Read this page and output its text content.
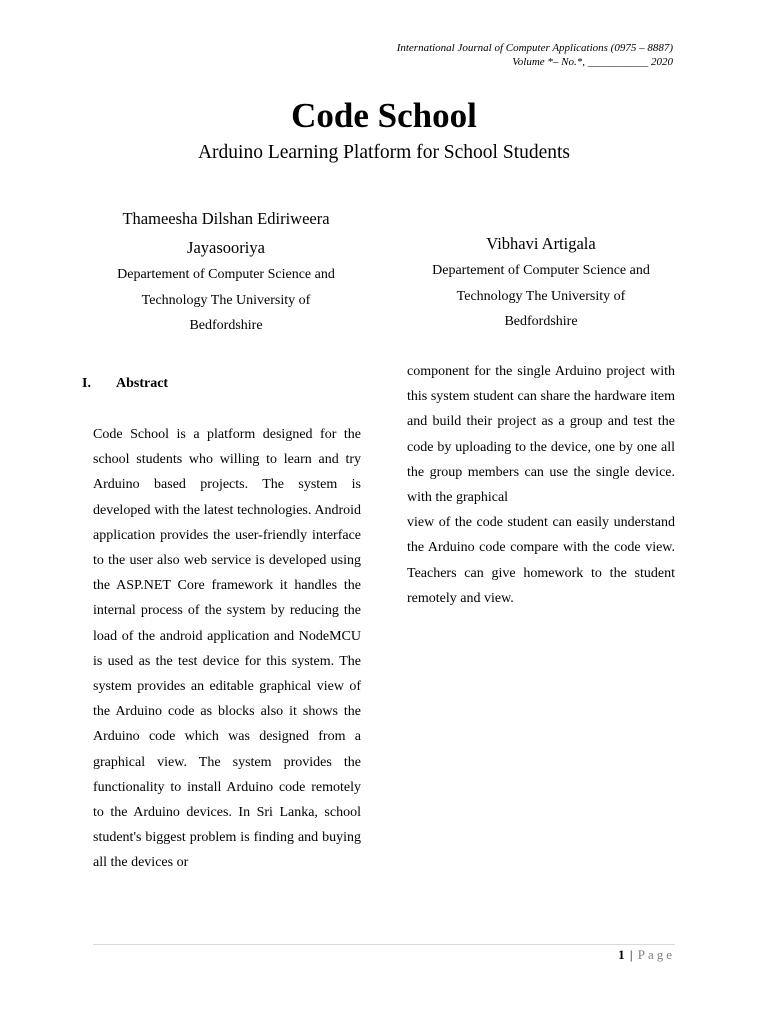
International Journal of Computer Applications (0975 – 8887)
Volume *– No.*, ___________ 2020
Code School
Arduino Learning Platform for School Students
Thameesha Dilshan Ediriweera
Jayasooriya
Departement of Computer Science and
Technology The University of
Bedfordshire
Vibhavi Artigala
Departement of Computer Science and
Technology The University of
Bedfordshire
I. Abstract

Code School is a platform designed for the school students who willing to learn and try Arduino based projects. The system is developed with the latest technologies. Android application provides the user-friendly interface to the user also web service is developed using the ASP.NET Core framework it handles the internal process of the system by reducing the load of the android application and NodeMCU is used as the test device for this system. The system provides an editable graphical view of the Arduino code as blocks also it shows the Arduino code which was designed from a graphical view. The system provides the functionality to install Arduino code remotely to the Arduino devices. In Sri Lanka, school student's biggest problem is finding and buying all the devices or

component for the single Arduino project with this system student can share the hardware item and build their project as a group and test the code by uploading to the device, one by one all the group members can use the single device. with the graphical

view of the code student can easily understand the Arduino code compare with the code view. Teachers can give homework to the student remotely and view.

1 | Page
